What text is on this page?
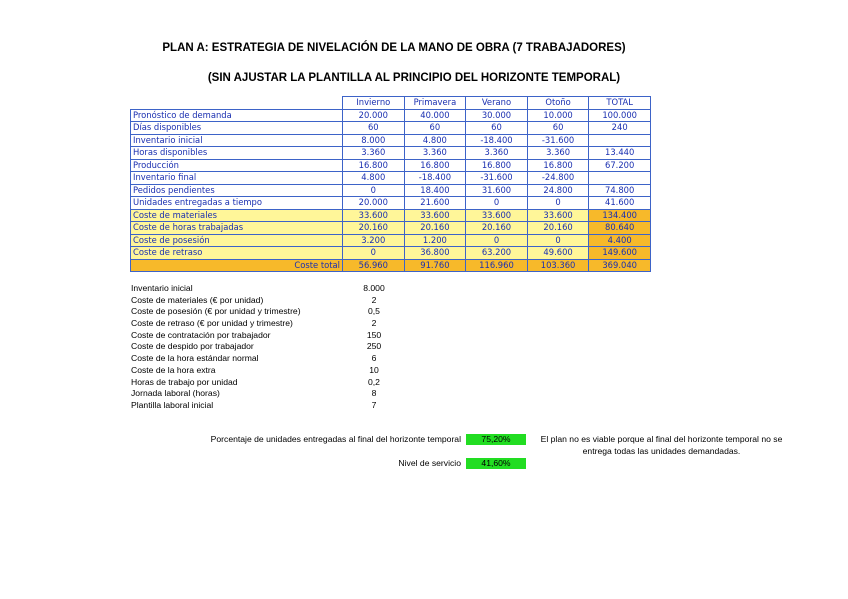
PLAN A: ESTRATEGIA DE NIVELACIÓN DE LA MANO DE OBRA (7 TRABAJADORES)
(SIN AJUSTAR LA PLANTILLA AL PRINCIPIO DEL HORIZONTE TEMPORAL)
	Invierno	Primavera	Verano	Otoño	TOTAL
Pronóstico de demanda	20.000	40.000	30.000	10.000	100.000
Días disponibles	60	60	60	60	240
Inventario inicial	8.000	4.800	-18.400	-31.600	
Horas disponibles	3.360	3.360	3.360	3.360	13.440
Producción	16.800	16.800	16.800	16.800	67.200
Inventario final	4.800	-18.400	-31.600	-24.800	
Pedidos pendientes	0	18.400	31.600	24.800	74.800
Unidades entregadas a tiempo	20.000	21.600	0	0	41.600
Coste de materiales	33.600	33.600	33.600	33.600	134.400
Coste de horas trabajadas	20.160	20.160	20.160	20.160	80.640
Coste de posesión	3.200	1.200	0	0	4.400
Coste de retraso	0	36.800	63.200	49.600	149.600
Coste total	56.960	91.760	116.960	103.360	369.040
Inventario inicial	8.000
Coste de materiales (€ por unidad)	2
Coste de posesión (€ por unidad y trimestre)	0,5
Coste de retraso (€ por unidad y trimestre)	2
Coste de contratación por trabajador	150
Coste de despido por trabajador	250
Coste de la hora estándar normal	6
Coste de la hora extra	10
Horas de trabajo por unidad	0,2
Jornada laboral (horas)	8
Plantilla laboral inicial	7
Porcentaje de unidades entregadas al final del horizonte temporal	75,20%	El plan no es viable porque al final del horizonte temporal no se entrega todas las unidades demandadas.
Nivel de servicio	41,60%
